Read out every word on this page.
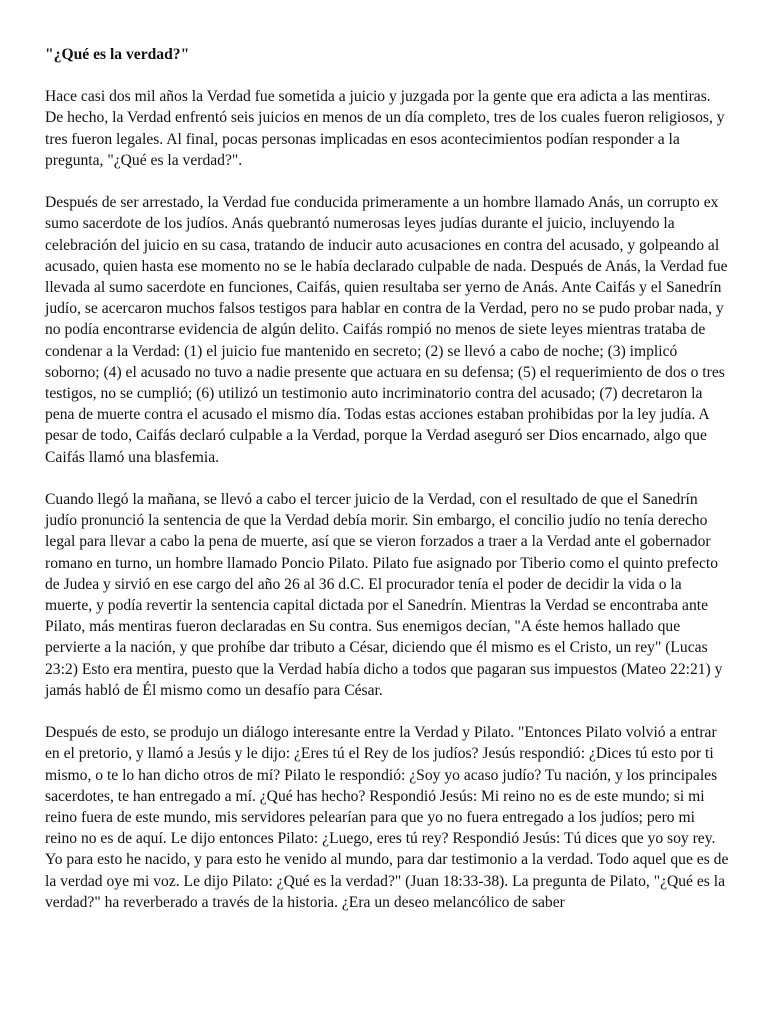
"¿Qué es la verdad?"

Hace casi dos mil años la Verdad fue sometida a juicio y juzgada por la gente que era adicta a las mentiras. De hecho, la Verdad enfrentó seis juicios en menos de un día completo, tres de los cuales fueron religiosos, y tres fueron legales. Al final, pocas personas implicadas en esos acontecimientos podían responder a la pregunta, "¿Qué es la verdad?".

Después de ser arrestado, la Verdad fue conducida primeramente a un hombre llamado Anás, un corrupto ex sumo sacerdote de los judíos. Anás quebrantó numerosas leyes judías durante el juicio, incluyendo la celebración del juicio en su casa, tratando de inducir auto acusaciones en contra del acusado, y golpeando al acusado, quien hasta ese momento no se le había declarado culpable de nada. Después de Anás, la Verdad fue llevada al sumo sacerdote en funciones, Caifás, quien resultaba ser yerno de Anás. Ante Caifás y el Sanedrín judío, se acercaron muchos falsos testigos para hablar en contra de la Verdad, pero no se pudo probar nada, y no podía encontrarse evidencia de algún delito. Caifás rompió no menos de siete leyes mientras trataba de condenar a la Verdad: (1) el juicio fue mantenido en secreto; (2) se llevó a cabo de noche; (3) implicó soborno; (4) el acusado no tuvo a nadie presente que actuara en su defensa; (5) el requerimiento de dos o tres testigos, no se cumplió; (6) utilizó un testimonio auto incriminatorio contra del acusado; (7) decretaron la pena de muerte contra el acusado el mismo día. Todas estas acciones estaban prohibidas por la ley judía. A pesar de todo, Caifás declaró culpable a la Verdad, porque la Verdad aseguró ser Dios encarnado, algo que Caifás llamó una blasfemia.

Cuando llegó la mañana, se llevó a cabo el tercer juicio de la Verdad, con el resultado de que el Sanedrín judío pronunció la sentencia de que la Verdad debía morir. Sin embargo, el concilio judío no tenía derecho legal para llevar a cabo la pena de muerte, así que se vieron forzados a traer a la Verdad ante el gobernador romano en turno, un hombre llamado Poncio Pilato. Pilato fue asignado por Tiberio como el quinto prefecto de Judea y sirvió en ese cargo del año 26 al 36 d.C. El procurador tenía el poder de decidir la vida o la muerte, y podía revertir la sentencia capital dictada por el Sanedrín. Mientras la Verdad se encontraba ante Pilato, más mentiras fueron declaradas en Su contra. Sus enemigos decían, "A éste hemos hallado que pervierte a la nación, y que prohíbe dar tributo a César, diciendo que él mismo es el Cristo, un rey" (Lucas 23:2) Esto era mentira, puesto que la Verdad había dicho a todos que pagaran sus impuestos (Mateo 22:21) y jamás habló de Él mismo como un desafío para César.

Después de esto, se produjo un diálogo interesante entre la Verdad y Pilato. "Entonces Pilato volvió a entrar en el pretorio, y llamó a Jesús y le dijo: ¿Eres tú el Rey de los judíos? Jesús respondió: ¿Dices tú esto por ti mismo, o te lo han dicho otros de mí? Pilato le respondió: ¿Soy yo acaso judío? Tu nación, y los principales sacerdotes, te han entregado a mí. ¿Qué has hecho? Respondió Jesús: Mi reino no es de este mundo; si mi reino fuera de este mundo, mis servidores pelearían para que yo no fuera entregado a los judíos; pero mi reino no es de aquí. Le dijo entonces Pilato: ¿Luego, eres tú rey? Respondió Jesús: Tú dices que yo soy rey. Yo para esto he nacido, y para esto he venido al mundo, para dar testimonio a la verdad. Todo aquel que es de la verdad oye mi voz. Le dijo Pilato: ¿Qué es la verdad?" (Juan 18:33-38). La pregunta de Pilato, "¿Qué es la verdad?" ha reverberado a través de la historia. ¿Era un deseo melancólico de saber
